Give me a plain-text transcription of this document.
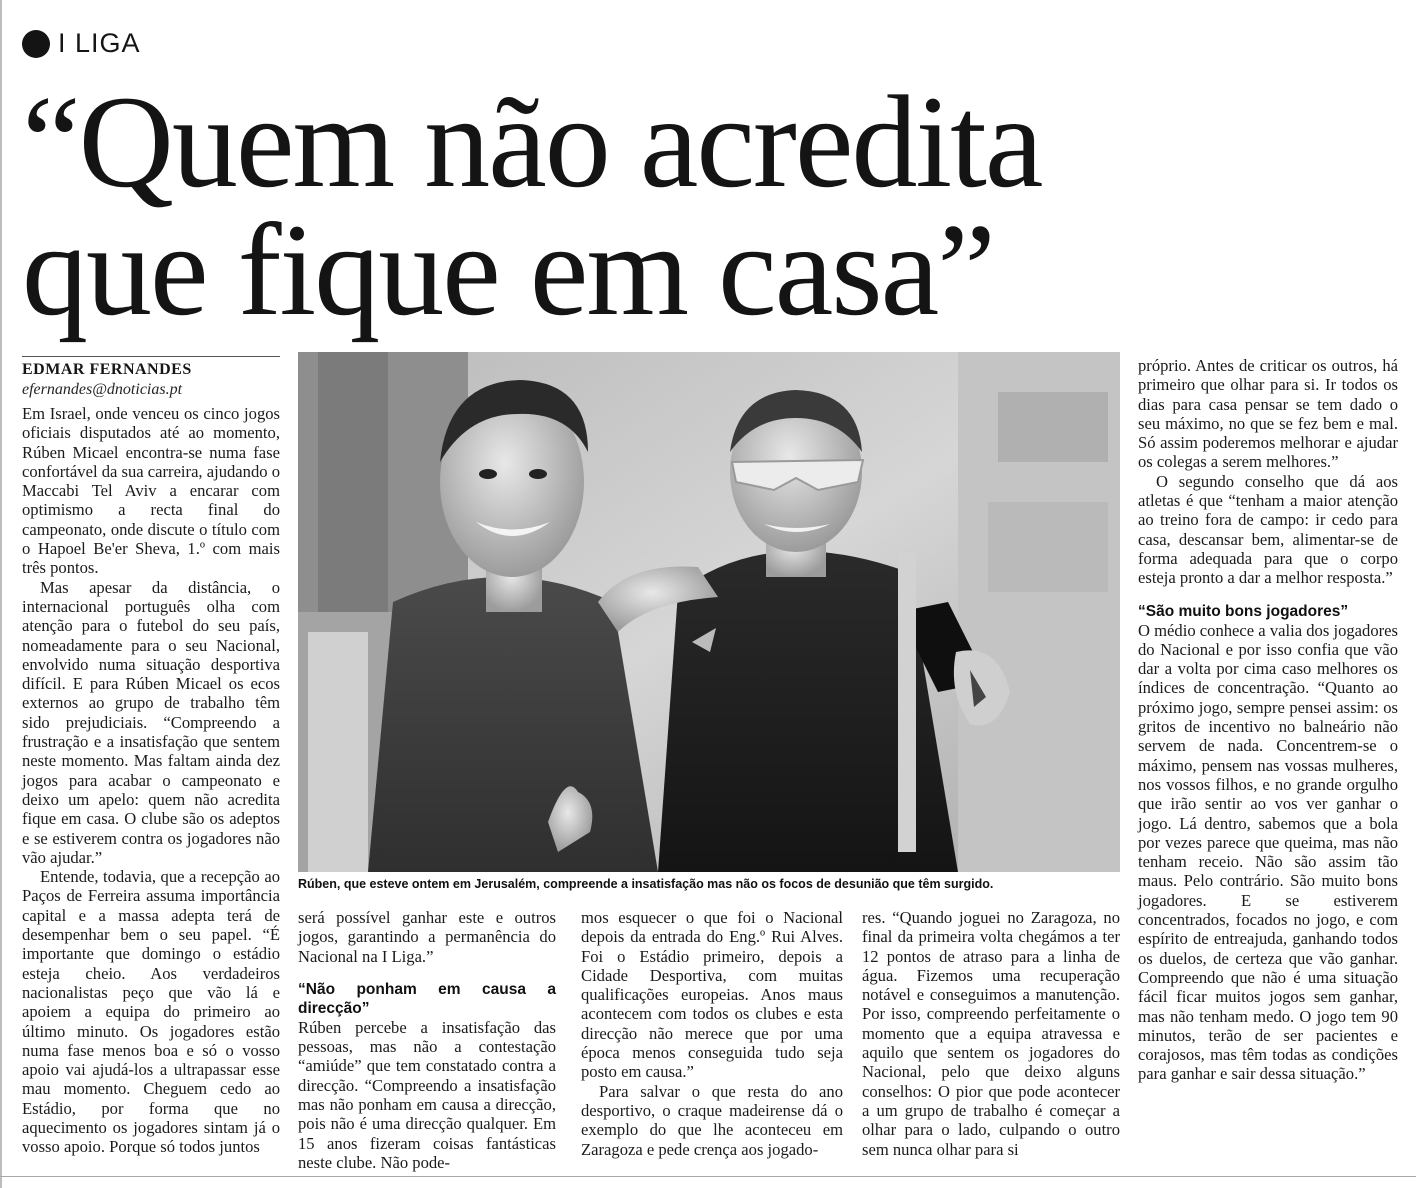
I LIGA
“Quem não acredita
que fique em casa”
EDMAR FERNANDES
efernandes@dnoticias.pt

Em Israel, onde venceu os cinco jogos oficiais disputados até ao momento, Rúben Micael encontra-se numa fase confortável da sua carreira, ajudando o Maccabi Tel Aviv a encarar com optimismo a recta final do campeonato, onde discute o título com o Hapoel Be'er Sheva, 1.º com mais três pontos.

Mas apesar da distância, o internacional português olha com atenção para o futebol do seu país, nomeadamente para o seu Nacional, envolvido numa situação desportiva difícil. E para Rúben Micael os ecos externos ao grupo de trabalho têm sido prejudiciais. “Compreendo a frustração e a insatisfação que sentem neste momento. Mas faltam ainda dez jogos para acabar o campeonato e deixo um apelo: quem não acredita fique em casa. O clube são os adeptos e se estiverem contra os jogadores não vão ajudar.”

Entende, todavia, que a recepção ao Paços de Ferreira assuma importância capital e a massa adepta terá de desempenhar bem o seu papel. “É importante que domingo o estádio esteja cheio. Aos verdadeiros nacionalistas peço que vão lá e apoiem a equipa do primeiro ao último minuto. Os jogadores estão numa fase menos boa e só o vosso apoio vai ajudá-los a ultrapassar esse mau momento. Cheguem cedo ao Estádio, por forma que no aquecimento os jogadores sintam já o vosso apoio. Porque só todos juntos

Rúben, que esteve ontem em Jerusalém, compreende a insatisfação mas não os focos de desunião que têm surgido.

será possível ganhar este e outros jogos, garantindo a permanência do Nacional na I Liga.”

“Não ponham em causa a direcção”

Rúben percebe a insatisfação das pessoas, mas não a contestação “amiúde” que tem constatado contra a direcção. “Compreendo a insatisfação mas não ponham em causa a direcção, pois não é uma direcção qualquer. Em 15 anos fizeram coisas fantásticas neste clube. Não pode-

mos esquecer o que foi o Nacional depois da entrada do Eng.º Rui Alves. Foi o Estádio primeiro, depois a Cidade Desportiva, com muitas qualificações europeias. Anos maus acontecem com todos os clubes e esta direcção não merece que por uma época menos conseguida tudo seja posto em causa.”

Para salvar o que resta do ano desportivo, o craque madeirense dá o exemplo do que lhe aconteceu em Zaragoza e pede crença aos jogado-

res. “Quando joguei no Zaragoza, no final da primeira volta chegámos a ter 12 pontos de atraso para a linha de água. Fizemos uma recuperação notável e conseguimos a manutenção. Por isso, compreendo perfeitamente o momento que a equipa atravessa e aquilo que sentem os jogadores do Nacional, pelo que deixo alguns conselhos: O pior que pode acontecer a um grupo de trabalho é começar a olhar para o lado, culpando o outro sem nunca olhar para si

próprio. Antes de criticar os outros, há primeiro que olhar para si. Ir todos os dias para casa pensar se tem dado o seu máximo, no que se fez bem e mal. Só assim poderemos melhorar e ajudar os colegas a serem melhores.”

O segundo conselho que dá aos atletas é que “tenham a maior atenção ao treino fora de campo: ir cedo para casa, descansar bem, alimentar-se de forma adequada para que o corpo esteja pronto a dar a melhor resposta.”

“São muito bons jogadores”

O médio conhece a valia dos jogadores do Nacional e por isso confia que vão dar a volta por cima caso melhores os índices de concentração. “Quanto ao próximo jogo, sempre pensei assim: os gritos de incentivo no balneário não servem de nada. Concentrem-se o máximo, pensem nas vossas mulheres, nos vossos filhos, e no grande orgulho que irão sentir ao vos ver ganhar o jogo. Lá dentro, sabemos que a bola por vezes parece que queima, mas não tenham receio. Não são assim tão maus. Pelo contrário. São muito bons jogadores. E se estiverem concentrados, focados no jogo, e com espírito de entreajuda, ganhando todos os duelos, de certeza que vão ganhar. Compreendo que não é uma situação fácil ficar muitos jogos sem ganhar, mas não tenham medo. O jogo tem 90 minutos, terão de ser pacientes e corajosos, mas têm todas as condições para ganhar e sair dessa situação.”
